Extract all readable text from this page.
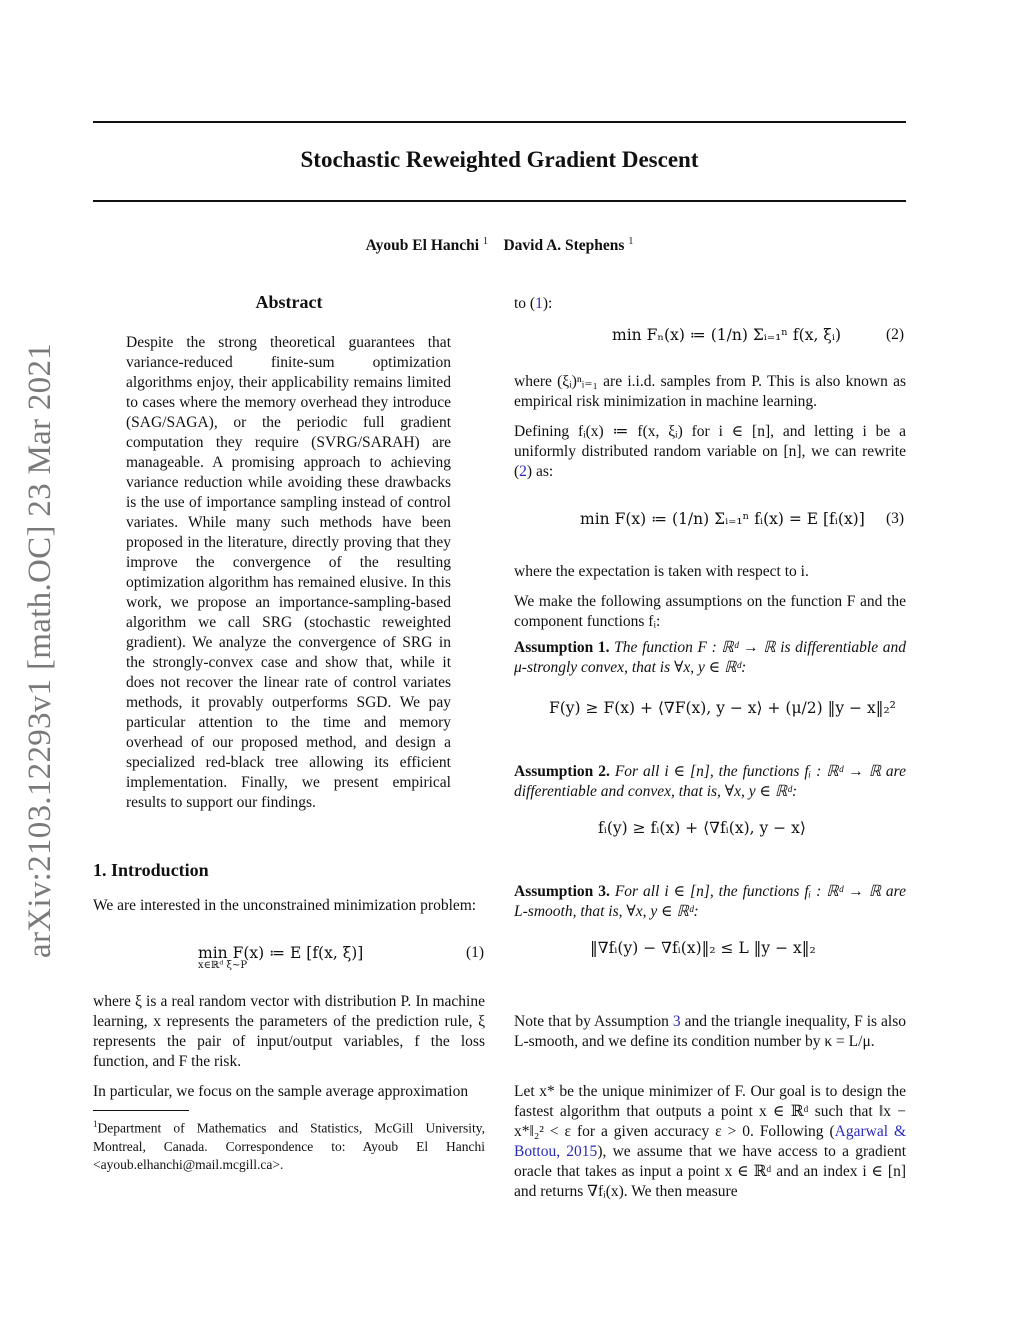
arXiv:2103.12293v1 [math.OC] 23 Mar 2021
Stochastic Reweighted Gradient Descent
Ayoub El Hanchi $^1$ David A. Stephens $^1$
Abstract

Despite the strong theoretical guarantees that variance-reduced finite-sum optimization algorithms enjoy, their applicability remains limited to cases where the memory overhead they introduce (SAG/SAGA), or the periodic full gradient computation they require (SVRG/SARAH) are manageable. A promising approach to achieving variance reduction while avoiding these drawbacks is the use of importance sampling instead of control variates. While many such methods have been proposed in the literature, directly proving that they improve the convergence of the resulting optimization algorithm has remained elusive. In this work, we propose an importance-sampling-based algorithm we call SRG (stochastic reweighted gradient). We analyze the convergence of SRG in the strongly-convex case and show that, while it does not recover the linear rate of control variates methods, it provably outperforms SGD. We pay particular attention to the time and memory overhead of our proposed method, and design a specialized red-black tree allowing its efficient implementation. Finally, we present empirical results to support our findings.

1. Introduction

We are interested in the unconstrained minimization problem:

min F(x) ≔ E [f(x, ξ)]
x∈ℝᵈ ξ∼P
(1)

where ξ is a real random vector with distribution P. In machine learning, x represents the parameters of the prediction rule, ξ represents the pair of input/output variables, f the loss function, and F the risk.

In particular, we focus on the sample average approximation

$^1$Department of Mathematics and Statistics, McGill University, Montreal, Canada. Correspondence to: Ayoub El Hanchi <ayoub.elhanchi@mail.mcgill.ca>.
to (1):
min Fₙ(x) ≔ (1/n) Σᵢ₌₁ⁿ f(x, ξᵢ)	(2)

where (ξᵢ)ⁿᵢ₌₁ are i.i.d. samples from P. This is also known as empirical risk minimization in machine learning.

Defining fᵢ(x) ≔ f(x, ξᵢ) for i ∈ [n], and letting i be a uniformly distributed random variable on [n], we can rewrite (2) as:

min F(x) ≔ (1/n) Σᵢ₌₁ⁿ fᵢ(x) = E [fᵢ(x)] (3)

where the expectation is taken with respect to i.

We make the following assumptions on the function F and the component functions fᵢ:

Assumption 1. The function F : ℝᵈ → ℝ is differentiable and μ-strongly convex, that is ∀x, y ∈ ℝᵈ:

F(y) ≥ F(x) + ⟨∇F(x), y − x⟩ + (μ/2) ‖y − x‖₂²

Assumption 2. For all i ∈ [n], the functions fᵢ : ℝᵈ → ℝ are differentiable and convex, that is, ∀x, y ∈ ℝᵈ:

fᵢ(y) ≥ fᵢ(x) + ⟨∇fᵢ(x), y − x⟩

Assumption 3. For all i ∈ [n], the functions fᵢ : ℝᵈ → ℝ are L-smooth, that is, ∀x, y ∈ ℝᵈ:

‖∇fᵢ(y) − ∇fᵢ(x)‖₂ ≤ L ‖y − x‖₂

Note that by Assumption 3 and the triangle inequality, F is also L-smooth, and we define its condition number by κ = L/μ.

Let x* be the unique minimizer of F. Our goal is to design the fastest algorithm that outputs a point x ∈ ℝᵈ such that ‖x − x*‖₂² < ε for a given accuracy ε > 0. Following (Agarwal & Bottou, 2015), we assume that we have access to a gradient oracle that takes as input a point x ∈ ℝᵈ and an index i ∈ [n] and returns ∇fᵢ(x). We then measure
